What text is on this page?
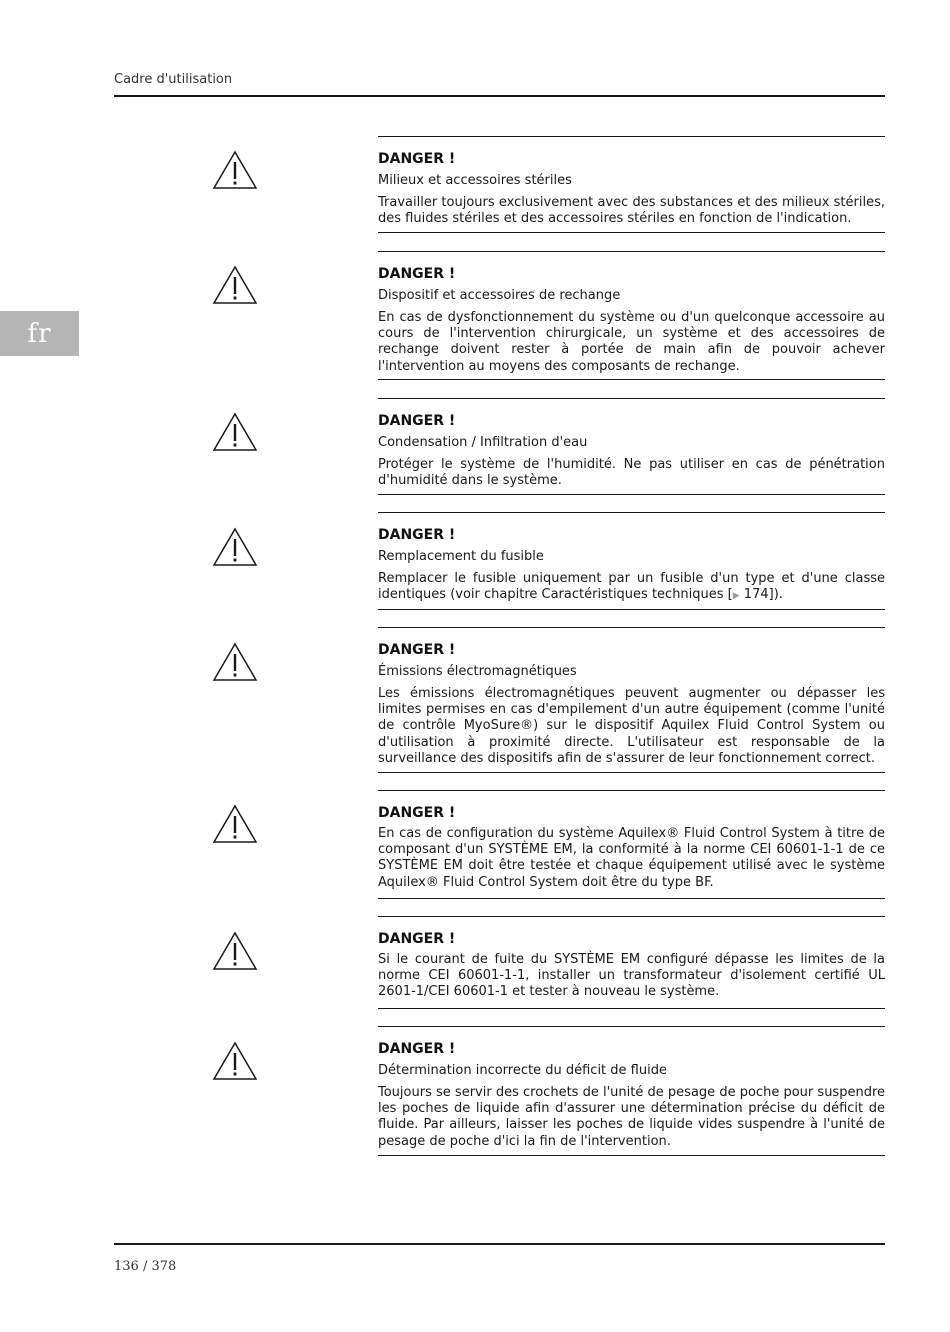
Cadre d'utilisation
fr

DANGER !

Milieux et accessoires stériles

Travailler toujours exclusivement avec des substances et des milieux stériles, des fluides stériles et des accessoires stériles en fonction de l'indication.

DANGER !

Dispositif et accessoires de rechange

En cas de dysfonctionnement du système ou d'un quelconque accessoire au cours de l'intervention chirurgicale, un système et des accessoires de rechange doivent rester à portée de main afin de pouvoir achever l'intervention au moyens des composants de rechange.

DANGER !

Condensation / Infiltration d'eau

Protéger le système de l'humidité. Ne pas utiliser en cas de pénétration d'humidité dans le système.

DANGER !

Remplacement du fusible

Remplacer le fusible uniquement par un fusible d'un type et d'une classe identiques (voir chapitre Caractéristiques techniques [▶ 174]).

DANGER !

Émissions électromagnétiques

Les émissions électromagnétiques peuvent augmenter ou dépasser les limites permises en cas d'empilement d'un autre équipement (comme l'unité de contrôle MyoSure®) sur le dispositif Aquilex Fluid Control System ou d'utilisation à proximité directe. L'utilisateur est responsable de la surveillance des dispositifs afin de s'assurer de leur fonctionnement correct.

DANGER !

En cas de configuration du système Aquilex® Fluid Control System à titre de composant d'un SYSTÈME EM, la conformité à la norme CEI 60601-1-1 de ce SYSTÈME EM doit être testée et chaque équipement utilisé avec le système Aquilex® Fluid Control System doit être du type BF.

DANGER !

Si le courant de fuite du SYSTÈME EM configuré dépasse les limites de la norme CEI 60601-1-1, installer un transformateur d'isolement certifié UL 2601-1/CEI 60601-1 et tester à nouveau le système.

DANGER !

Détermination incorrecte du déficit de fluide

Toujours se servir des crochets de l'unité de pesage de poche pour suspendre les poches de liquide afin d'assurer une détermination précise du déficit de fluide. Par ailleurs, laisser les poches de liquide vides suspendre à l'unité de pesage de poche d'ici la fin de l'intervention.

136 / 378
